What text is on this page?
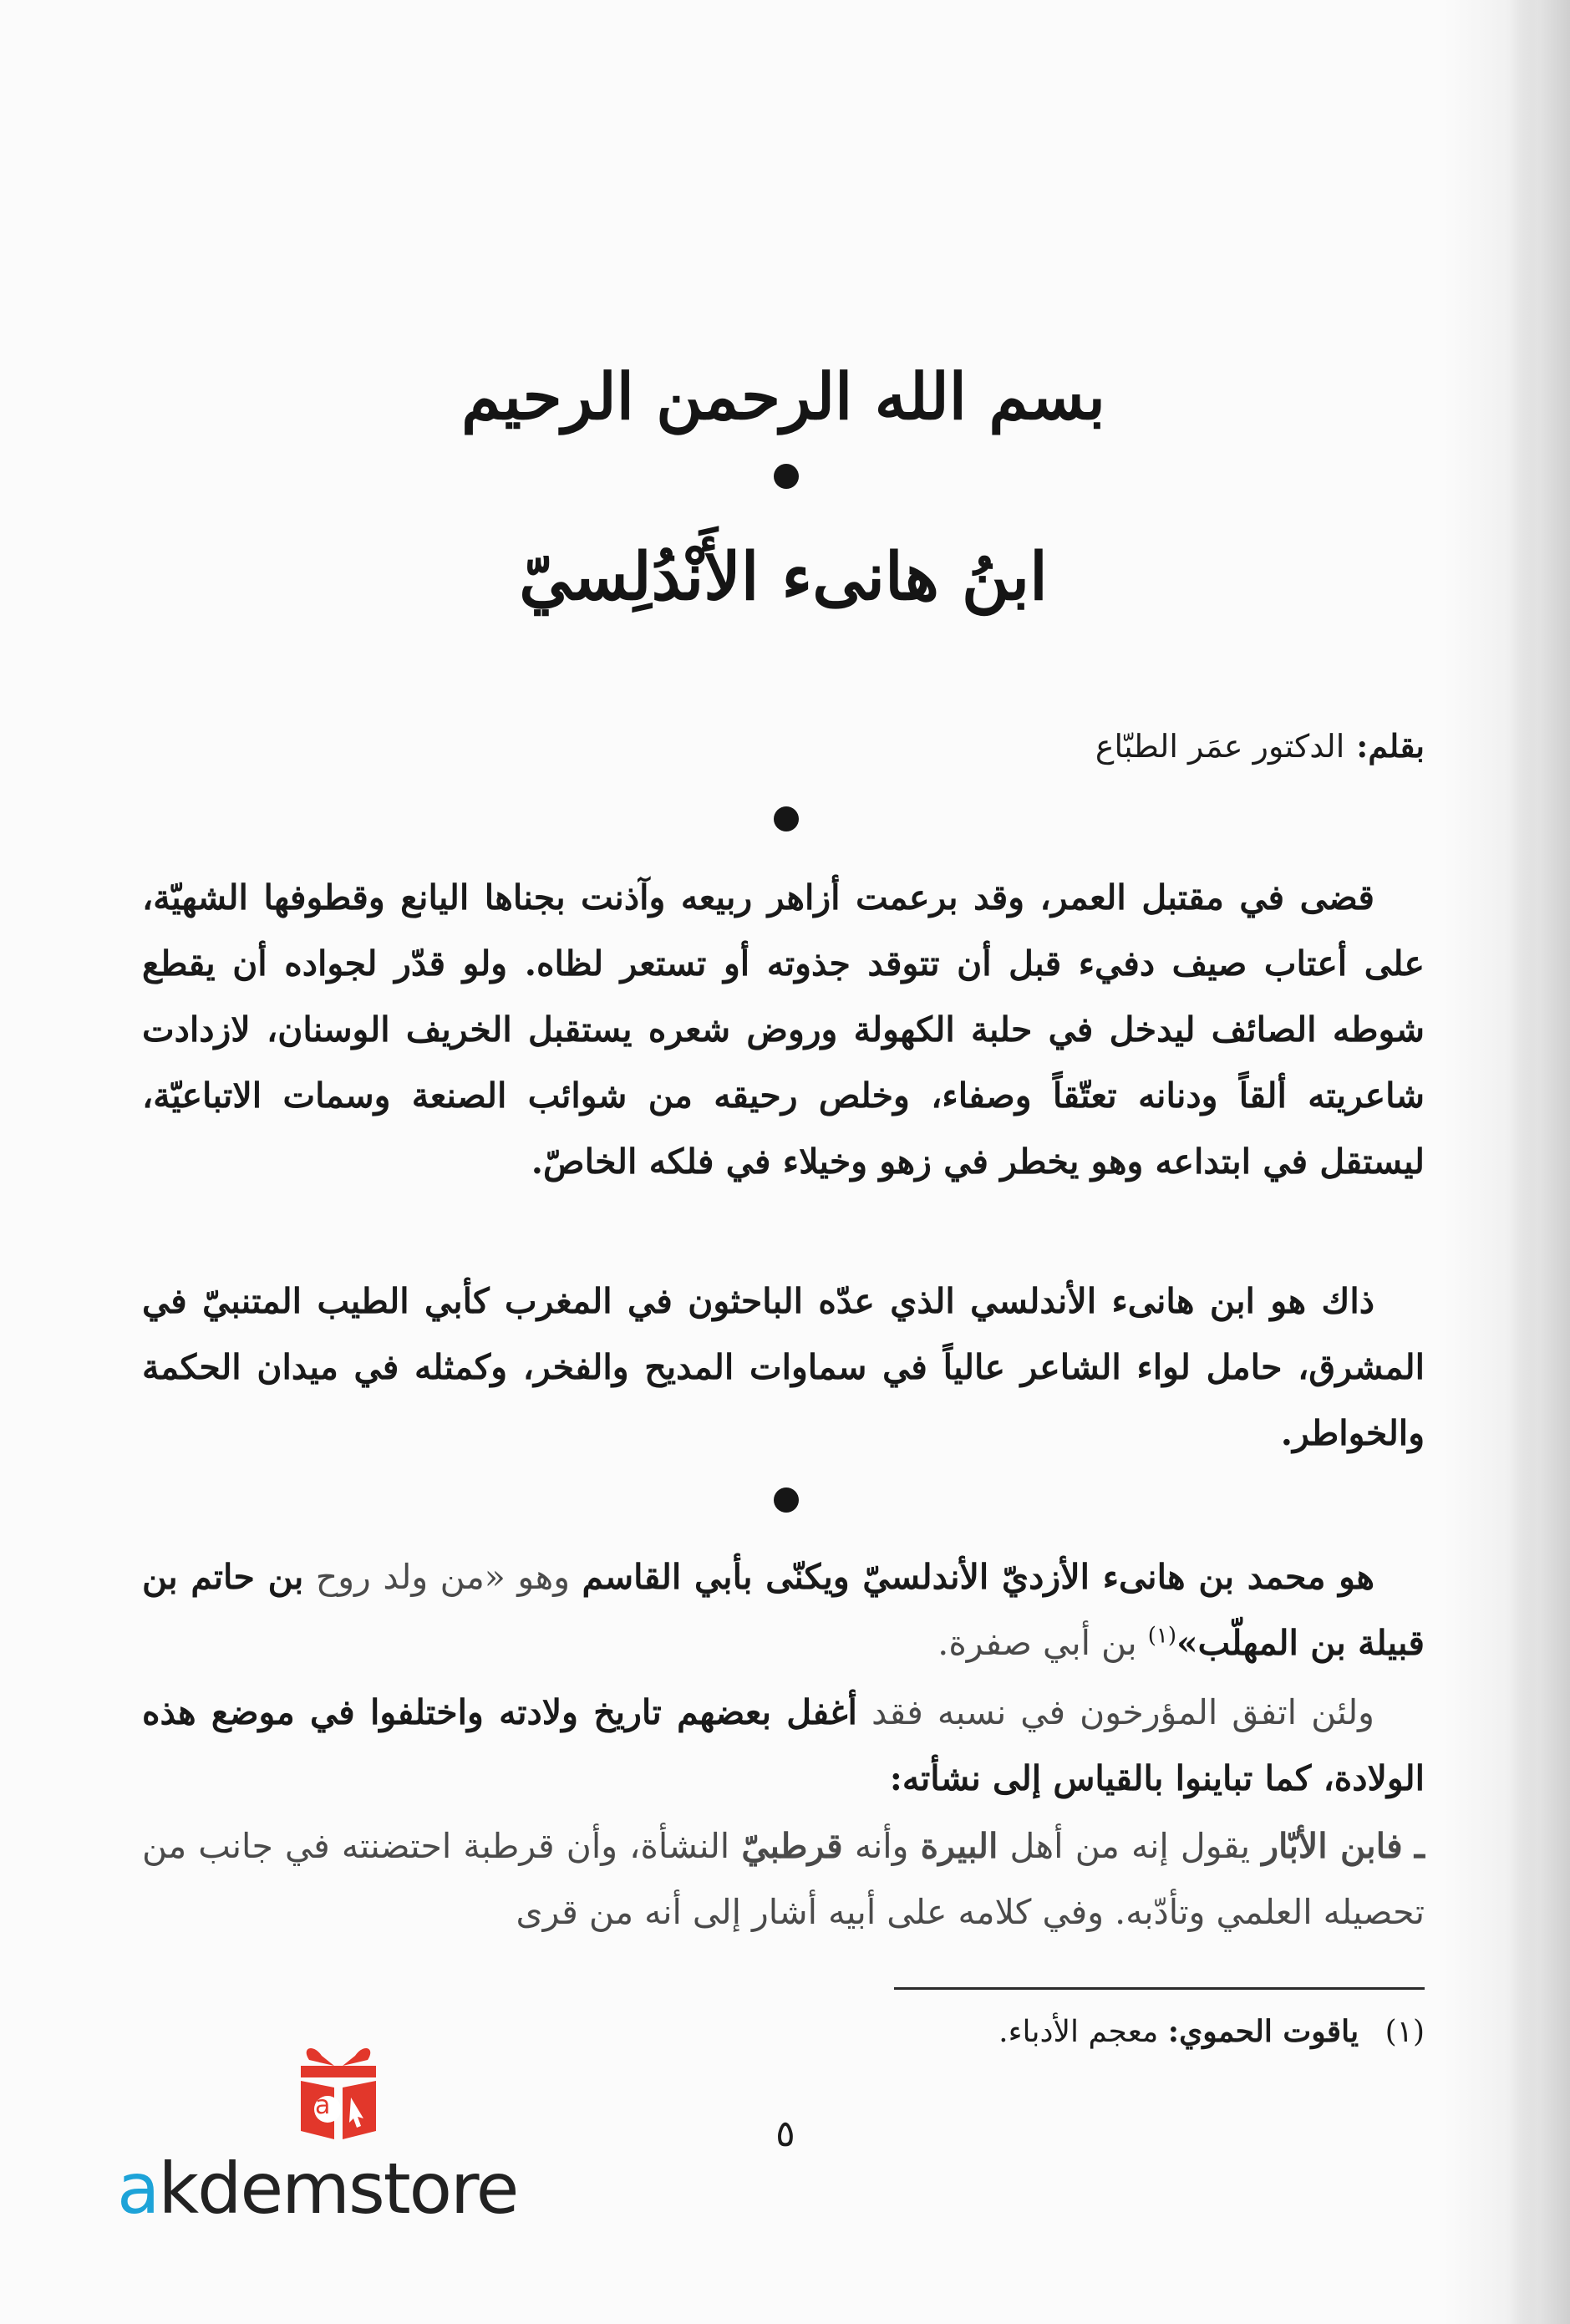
بسم الله الرحمن الرحيم
ابنُ هانىء الأَنْدُلِسيّ
بقلم:الدكتور عمَر الطبّاع
قضى في مقتبل العمر، وقد برعمت أزاهر ربيعه وآذنت بجناها اليانع وقطوفها الشهيّة، على أعتاب صيف دفيء قبل أن تتوقد جذوته أو تستعر لظاه. ولو قدّر لجواده أن يقطع شوطه الصائف ليدخل في حلبة الكهولة وروض شعره يستقبل الخريف الوسنان، لازدادت شاعريته ألقاً ودنانه تعتّقاً وصفاء، وخلص رحيقه من شوائب الصنعة وسمات الاتباعيّة، ليستقل في ابتداعه وهو يخطر في زهو وخيلاء في فلكه الخاصّ.
ذاك هو ابن هانىء الأندلسي الذي عدّه الباحثون في المغرب كأبي الطيب المتنبيّ في المشرق، حامل لواء الشاعر عالياً في سماوات المديح والفخر، وكمثله في ميدان الحكمة والخواطر.
هو محمد بن هانىء الأزديّ الأندلسيّ ويكنّى بأبي القاسم وهو «من ولد روح بن حاتم بن قبيلة بن المهلّب»$^{(١)}$ بن أبي صفرة.
ولئن اتفق المؤرخون في نسبه فقد أغفل بعضهم تاريخ ولادته واختلفوا في موضع هذه الولادة، كما تباينوا بالقياس إلى نشأته:
ـ فابن الأبّار يقول إنه من أهل البيرة وأنه قرطبيّ النشأة، وأن قرطبة احتضنته في جانب من تحصيله العلمي وتأدّبه. وفي كلامه على أبيه أشار إلى أنه من قرى
(١) ياقوت الحموي: معجم الأدباء.
٥
a
akdemstore
